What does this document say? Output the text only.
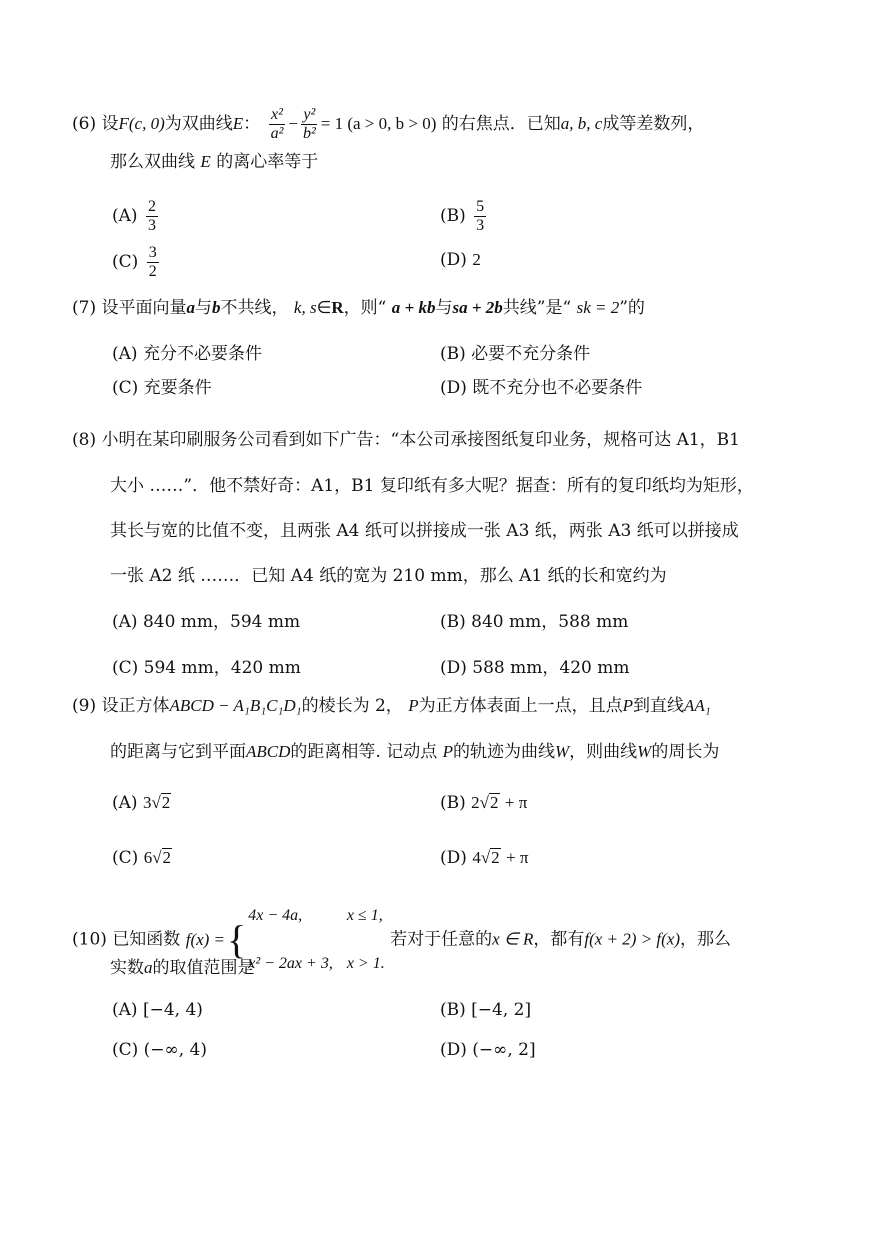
(6) 设F(c, 0)为双曲线E： $\frac{\text{x²}}{\text{a²}} - \frac{\text{y²}}{\text{b²}} = 1$ (a > 0, b > 0) 的右焦点．已知a, b, c成等差数列，
那么双曲线 E 的离心率等于
$(A) \frac{2}{3}$	$(B) \frac{5}{3}$
$(C) \frac{3}{2}$	(D) 2
(7) 设平面向量a与b不共线， k, s∈R，则“ a + kb与sa + 2b共线”是“ sk = 2”的
(A) 充分不必要条件	(B) 必要不充分条件
(C) 充要条件	(D) 既不充分也不必要条件
(8) 小明在某印刷服务公司看到如下广告：“本公司承接图纸复印业务，规格可达 A1，B1
大小 ……”．他不禁好奇：A1，B1 复印纸有多大呢？据查：所有的复印纸均为矩形，
其长与宽的比值不变，且两张 A4 纸可以拼接成一张 A3 纸，两张 A3 纸可以拼接成
一张 A2 纸 ……．已知 A4 纸的宽为 210 mm，那么 A1 纸的长和宽约为
(A) 840 mm，594 mm	(B) 840 mm，588 mm
(C) 594 mm，420 mm	(D) 588 mm，420 mm
(9) 设正方体ABCD − A₁B₁C₁D₁的棱长为 2， P为正方体表面上一点，且点P到直线AA₁
的距离与它到平面ABCD的距离相等. 记动点 P的轨迹为曲线W，则曲线W的周长为
(A) 3√ 2	(B) 2√ 2 + π
(C) 6√ 2	(D) 4√ 2 + π
(10) 已知函数 f(x) = {
4x − 4a,	x ≤ 1,
x² − 2ax + 3, x > 1.
若对于任意的x ∈ R，都有f(x + 2) > f(x)，那么
实数a的取值范围是
(A) [−4, 4)	(B) [−4, 2]
(C) (−∞, 4)	(D) (−∞, 2]
